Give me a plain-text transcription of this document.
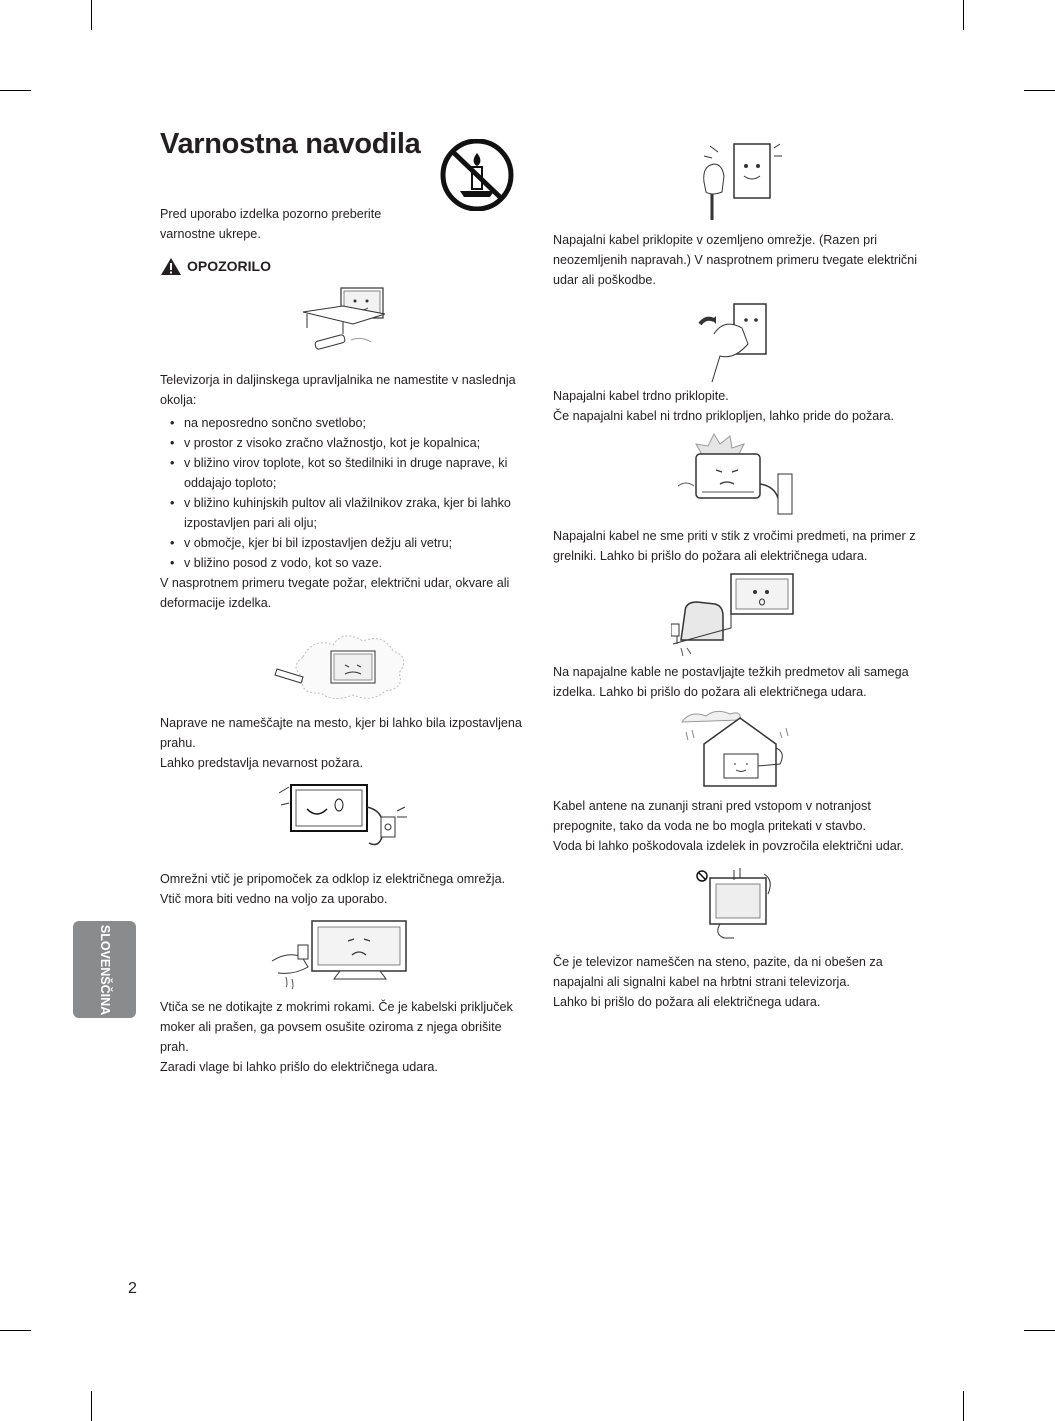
Varnostna navodila

Pred uporabo izdelka pozorno preberite varnostne ukrepe.

OPOZORILO

Televizorja in daljinskega upravljalnika ne namestite v naslednja okolja:

• na neposredno sončno svetlobo;
• v prostor z visoko zračno vlažnostjo, kot je kopalnica;
• v bližino virov toplote, kot so štedilniki in druge naprave, ki oddajajo toploto;
• v bližino kuhinjskih pultov ali vlažilnikov zraka, kjer bi lahko izpostavljen pari ali olju;
• v območje, kjer bi bil izpostavljen dežju ali vetru;
• v bližino posod z vodo, kot so vaze.

V nasprotnem primeru tvegate požar, električni udar, okvare ali deformacije izdelka.

Naprave ne nameščajte na mesto, kjer bi lahko bila izpostavljena prahu.
Lahko predstavlja nevarnost požara.

Omrežni vtič je pripomoček za odklop iz električnega omrežja. Vtič mora biti vedno na voljo za uporabo.

Vtiča se ne dotikajte z mokrimi rokami. Če je kabelski priključek moker ali prašen, ga povsem osušite oziroma z njega obrišite prah.
Zaradi vlage bi lahko prišlo do električnega udara.

Napajalni kabel priklopite v ozemljeno omrežje. (Razen pri neozemljenih napravah.) V nasprotnem primeru tvegate električni udar ali poškodbe.

Napajalni kabel trdno priklopite.
Če napajalni kabel ni trdno priklopljen, lahko pride do požara.

Napajalni kabel ne sme priti v stik z vročimi predmeti, na primer z grelniki. Lahko bi prišlo do požara ali električnega udara.

Na napajalne kable ne postavljajte težkih predmetov ali samega izdelka. Lahko bi prišlo do požara ali električnega udara.

Kabel antene na zunanji strani pred vstopom v notranjost prepognite, tako da voda ne bo mogla pritekati v stavbo.
Voda bi lahko poškodovala izdelek in povzročila električni udar.

Če je televizor nameščen na steno, pazite, da ni obešen za napajalni ali signalni kabel na hrbtni strani televizorja.
Lahko bi prišlo do požara ali električnega udara.

SLOVENŠČINA
2
